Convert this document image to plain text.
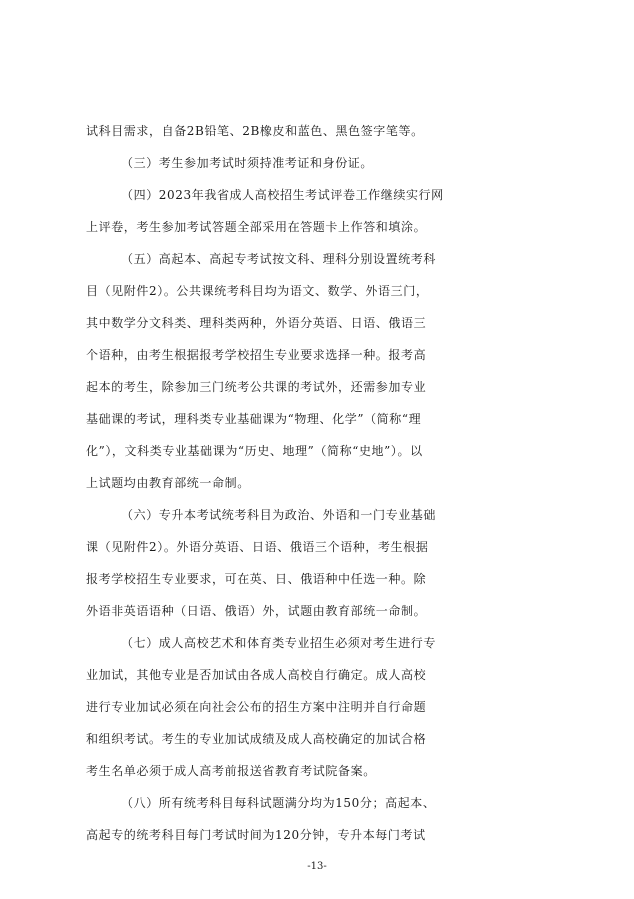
试科目需求，自备2B铅笔、2B橡皮和蓝色、黑色签字笔等。
（三）考生参加考试时须持准考证和身份证。
（四）2023年我省成人高校招生考试评卷工作继续实行网
上评卷，考生参加考试答题全部采用在答题卡上作答和填涂。
（五）高起本、高起专考试按文科、理科分别设置统考科
目（见附件2）。公共课统考科目均为语文、数学、外语三门，
其中数学分文科类、理科类两种，外语分英语、日语、俄语三
个语种，由考生根据报考学校招生专业要求选择一种。报考高
起本的考生，除参加三门统考公共课的考试外，还需参加专业
基础课的考试，理科类专业基础课为“物理、化学”（简称“理
化”），文科类专业基础课为“历史、地理”（简称“史地”）。以
上试题均由教育部统一命制。
（六）专升本考试统考科目为政治、外语和一门专业基础
课（见附件2）。外语分英语、日语、俄语三个语种，考生根据
报考学校招生专业要求，可在英、日、俄语种中任选一种。除
外语非英语语种（日语、俄语）外，试题由教育部统一命制。
（七）成人高校艺术和体育类专业招生必须对考生进行专
业加试，其他专业是否加试由各成人高校自行确定。成人高校
进行专业加试必须在向社会公布的招生方案中注明并自行命题
和组织考试。考生的专业加试成绩及成人高校确定的加试合格
考生名单必须于成人高考前报送省教育考试院备案。
（八）所有统考科目每科试题满分均为150分；高起本、
高起专的统考科目每门考试时间为120分钟，专升本每门考试
-13-
